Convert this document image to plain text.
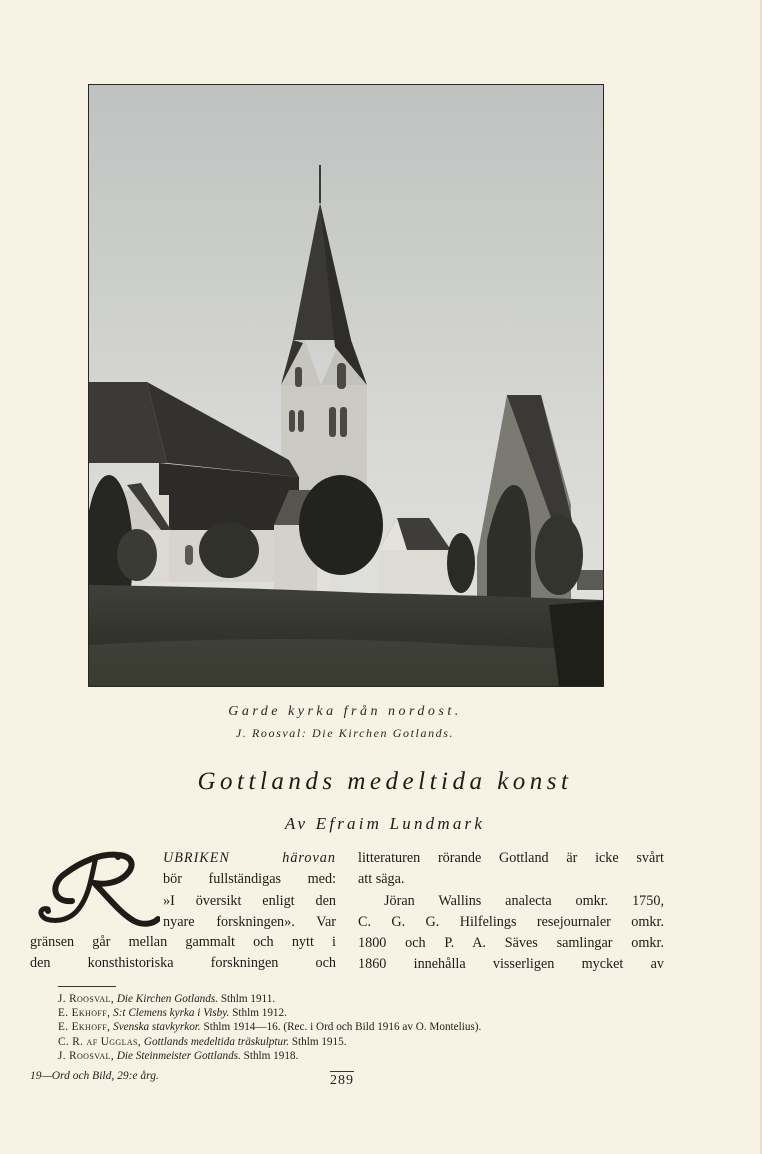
Garde kyrka från nordost.
J. Roosval: Die Kirchen Gotlands.
Gottlands medeltida konst
Av Efraim Lundmark
UBRIKEN härovan
bör fullständigas med:
»I översikt enligt den
nyare forskningen». Var
gränsen går mellan gammalt och nytt i
den konsthistoriska forskningen och
litteraturen rörande Gottland är icke svårt
att säga.
Jöran Wallins analecta omkr. 1750,
C. G. G. Hilfelings resejournaler omkr.
1800 och P. A. Säves samlingar omkr.
1860 innehålla visserligen mycket av
J. Roosval, Die Kirchen Gotlands. Sthlm 1911.
E. Ekhoff, S:t Clemens kyrka i Visby. Sthlm 1912.
E. Ekhoff, Svenska stavkyrkor. Sthlm 1914—16. (Rec. i Ord och Bild 1916 av O. Montelius).
C. R. af Ugglas, Gottlands medeltida träskulptur. Sthlm 1915.
J. Roosval, Die Steinmeister Gottlands. Sthlm 1918.
19—Ord och Bild, 29:e årg.	289
